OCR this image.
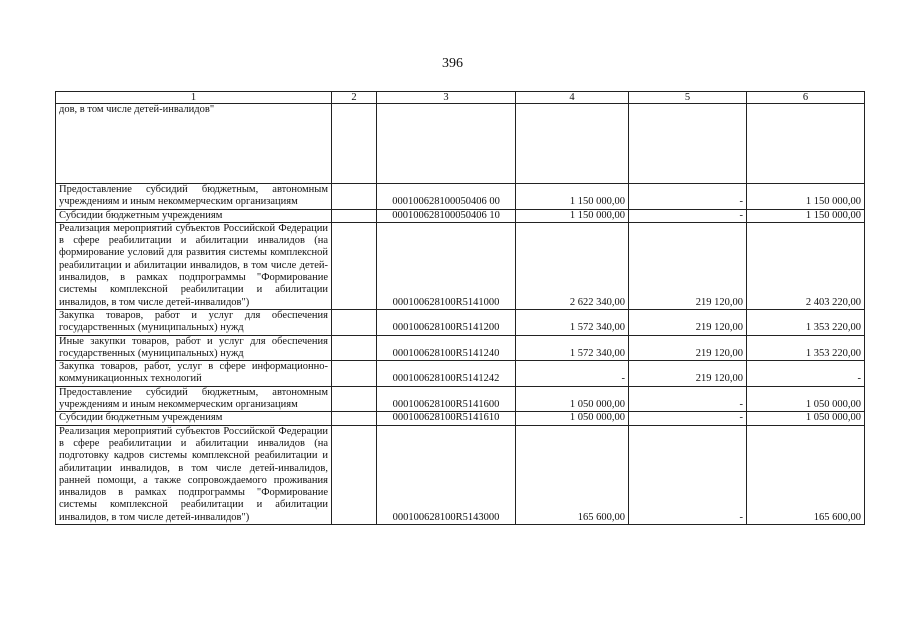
396
1	2	3	4	5	6
дов, в том числе детей-инвалидов"					
Предоставление субсидий бюджетным, автономным учреждениям и иным некоммерческим организациям		000100628100050406 00	1 150 000,00	-	1 150 000,00
Субсидии бюджетным учреждениям		000100628100050406 10	1 150 000,00	-	1 150 000,00
Реализация мероприятий субъектов Российской Федерации в сфере реабилитации и абилитации инвалидов (на формирование условий для развития системы комплексной реабилитации и абилитации инвалидов, в том числе детей-инвалидов, в рамках подпрограммы "Формирование системы комплексной реабилитации и абилитации инвалидов, в том числе детей-инвалидов")		000100628100R5141000	2 622 340,00	219 120,00	2 403 220,00
Закупка товаров, работ и услуг для обеспечения государственных (муниципальных) нужд		000100628100R5141200	1 572 340,00	219 120,00	1 353 220,00
Иные закупки товаров, работ и услуг для обеспечения государственных (муниципальных) нужд		000100628100R5141240	1 572 340,00	219 120,00	1 353 220,00
Закупка товаров, работ, услуг в сфере информационно-коммуникационных технологий		000100628100R5141242	-	219 120,00	-
Предоставление субсидий бюджетным, автономным учреждениям и иным некоммерческим организациям		000100628100R5141600	1 050 000,00	-	1 050 000,00
Субсидии бюджетным учреждениям		000100628100R5141610	1 050 000,00	-	1 050 000,00
Реализация мероприятий субъектов Российской Федерации в сфере реабилитации и абилитации инвалидов (на подготовку кадров системы комплексной реабилитации и абилитации инвалидов, в том числе детей-инвалидов, ранней помощи, а также сопровождаемого проживания инвалидов в рамках подпрограммы "Формирование системы комплексной реабилитации и абилитации инвалидов, в том числе детей-инвалидов")		000100628100R5143000	165 600,00	-	165 600,00
